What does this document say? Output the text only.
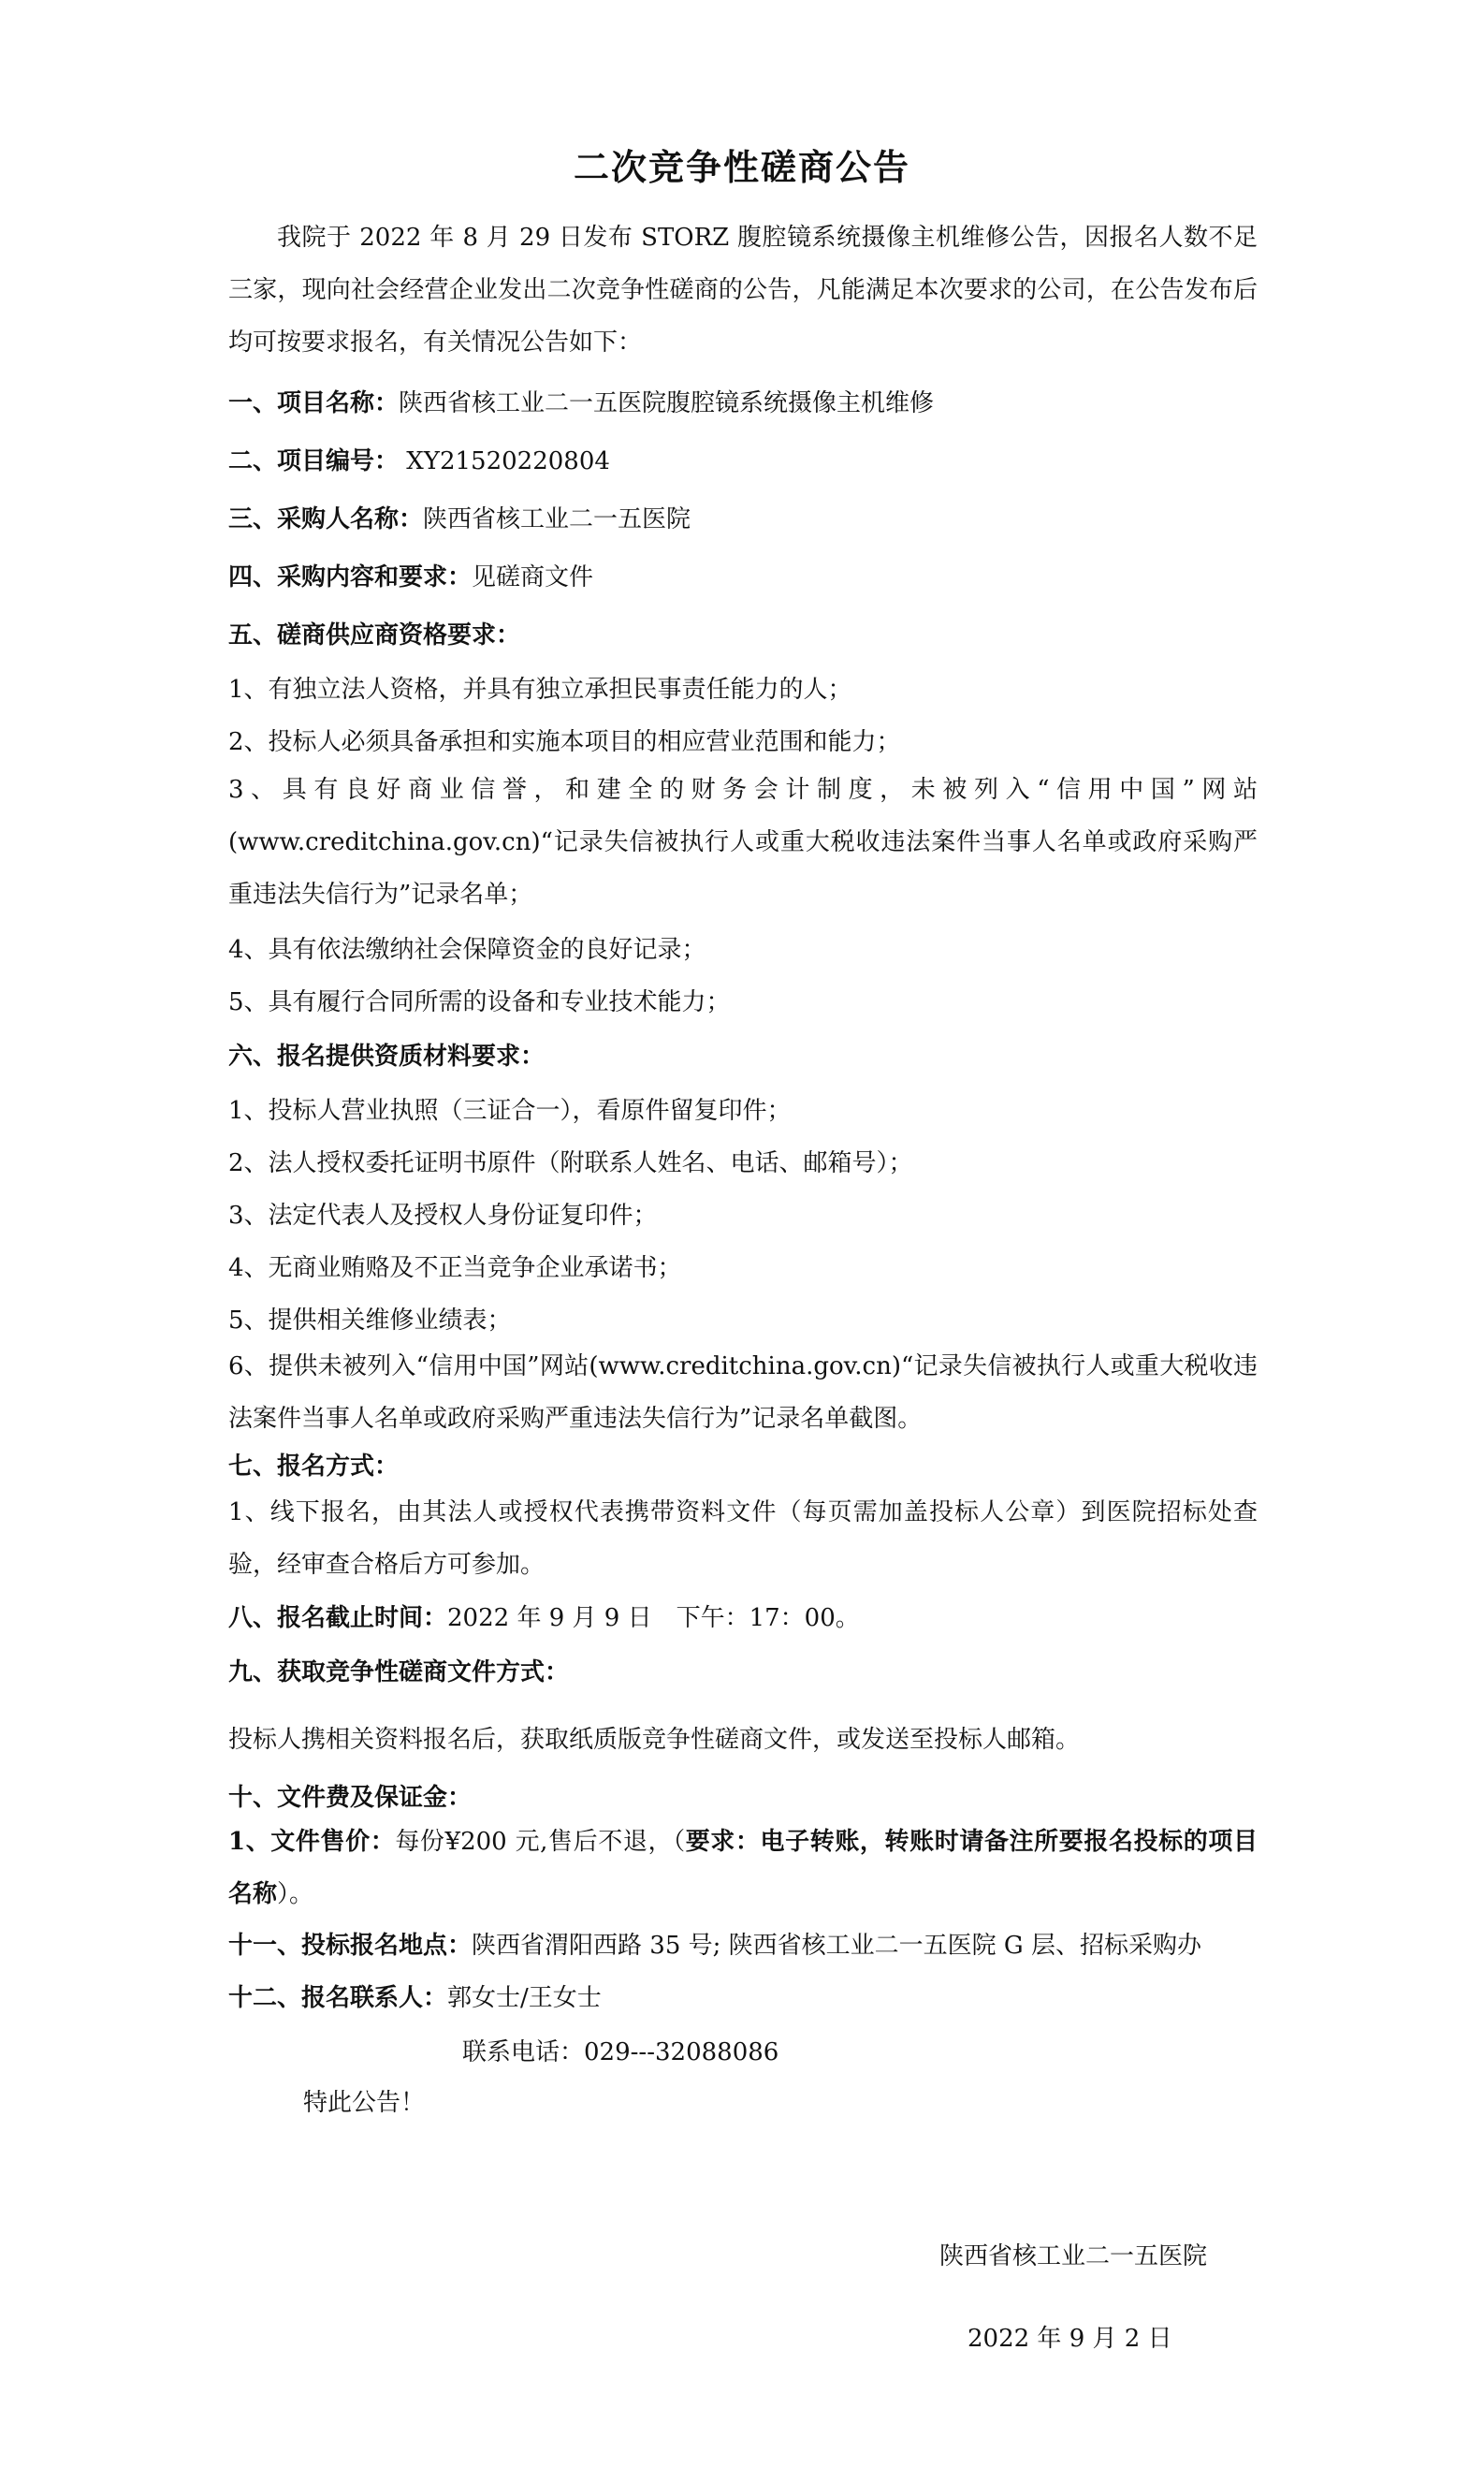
二次竞争性磋商公告
我院于 2022 年 8 月 29 日发布 STORZ 腹腔镜系统摄像主机维修公告，因报名人数不足三家，现向社会经营企业发出二次竞争性磋商的公告，凡能满足本次要求的公司，在公告发布后均可按要求报名，有关情况公告如下：
一、项目名称：陕西省核工业二一五医院腹腔镜系统摄像主机维修
二、项目编号： XY21520220804
三、采购人名称：陕西省核工业二一五医院
四、采购内容和要求：见磋商文件
五、磋商供应商资格要求：
1、有独立法人资格，并具有独立承担民事责任能力的人；
2、投标人必须具备承担和实施本项目的相应营业范围和能力；
3、具有良好商业信誉，和建全的财务会计制度，未被列入“信用中国”网站(www.creditchina.gov.cn)“记录失信被执行人或重大税收违法案件当事人名单或政府采购严重违法失信行为”记录名单；
4、具有依法缴纳社会保障资金的良好记录；
5、具有履行合同所需的设备和专业技术能力；
六、报名提供资质材料要求：
1、投标人营业执照（三证合一），看原件留复印件；
2、法人授权委托证明书原件（附联系人姓名、电话、邮箱号）；
3、法定代表人及授权人身份证复印件；
4、无商业贿赂及不正当竞争企业承诺书；
5、提供相关维修业绩表；
6、提供未被列入“信用中国”网站(www.creditchina.gov.cn)“记录失信被执行人或重大税收违法案件当事人名单或政府采购严重违法失信行为”记录名单截图。
七、报名方式：
1、线下报名，由其法人或授权代表携带资料文件（每页需加盖投标人公章）到医院招标处查验，经审查合格后方可参加。
八、报名截止时间：2022 年 9 月 9 日　下午：17：00。
九、获取竞争性磋商文件方式：
投标人携相关资料报名后，获取纸质版竞争性磋商文件，或发送至投标人邮箱。
十、文件费及保证金：
1、文件售价：每份¥200 元,售后不退，（要求：电子转账，转账时请备注所要报名投标的项目名称）。
十一、投标报名地点：陕西省渭阳西路 35 号; 陕西省核工业二一五医院 G 层、招标采购办
十二、报名联系人：郭女士/王女士
联系电话：029---32088086
特此公告！
陕西省核工业二一五医院
2022 年 9 月 2 日
